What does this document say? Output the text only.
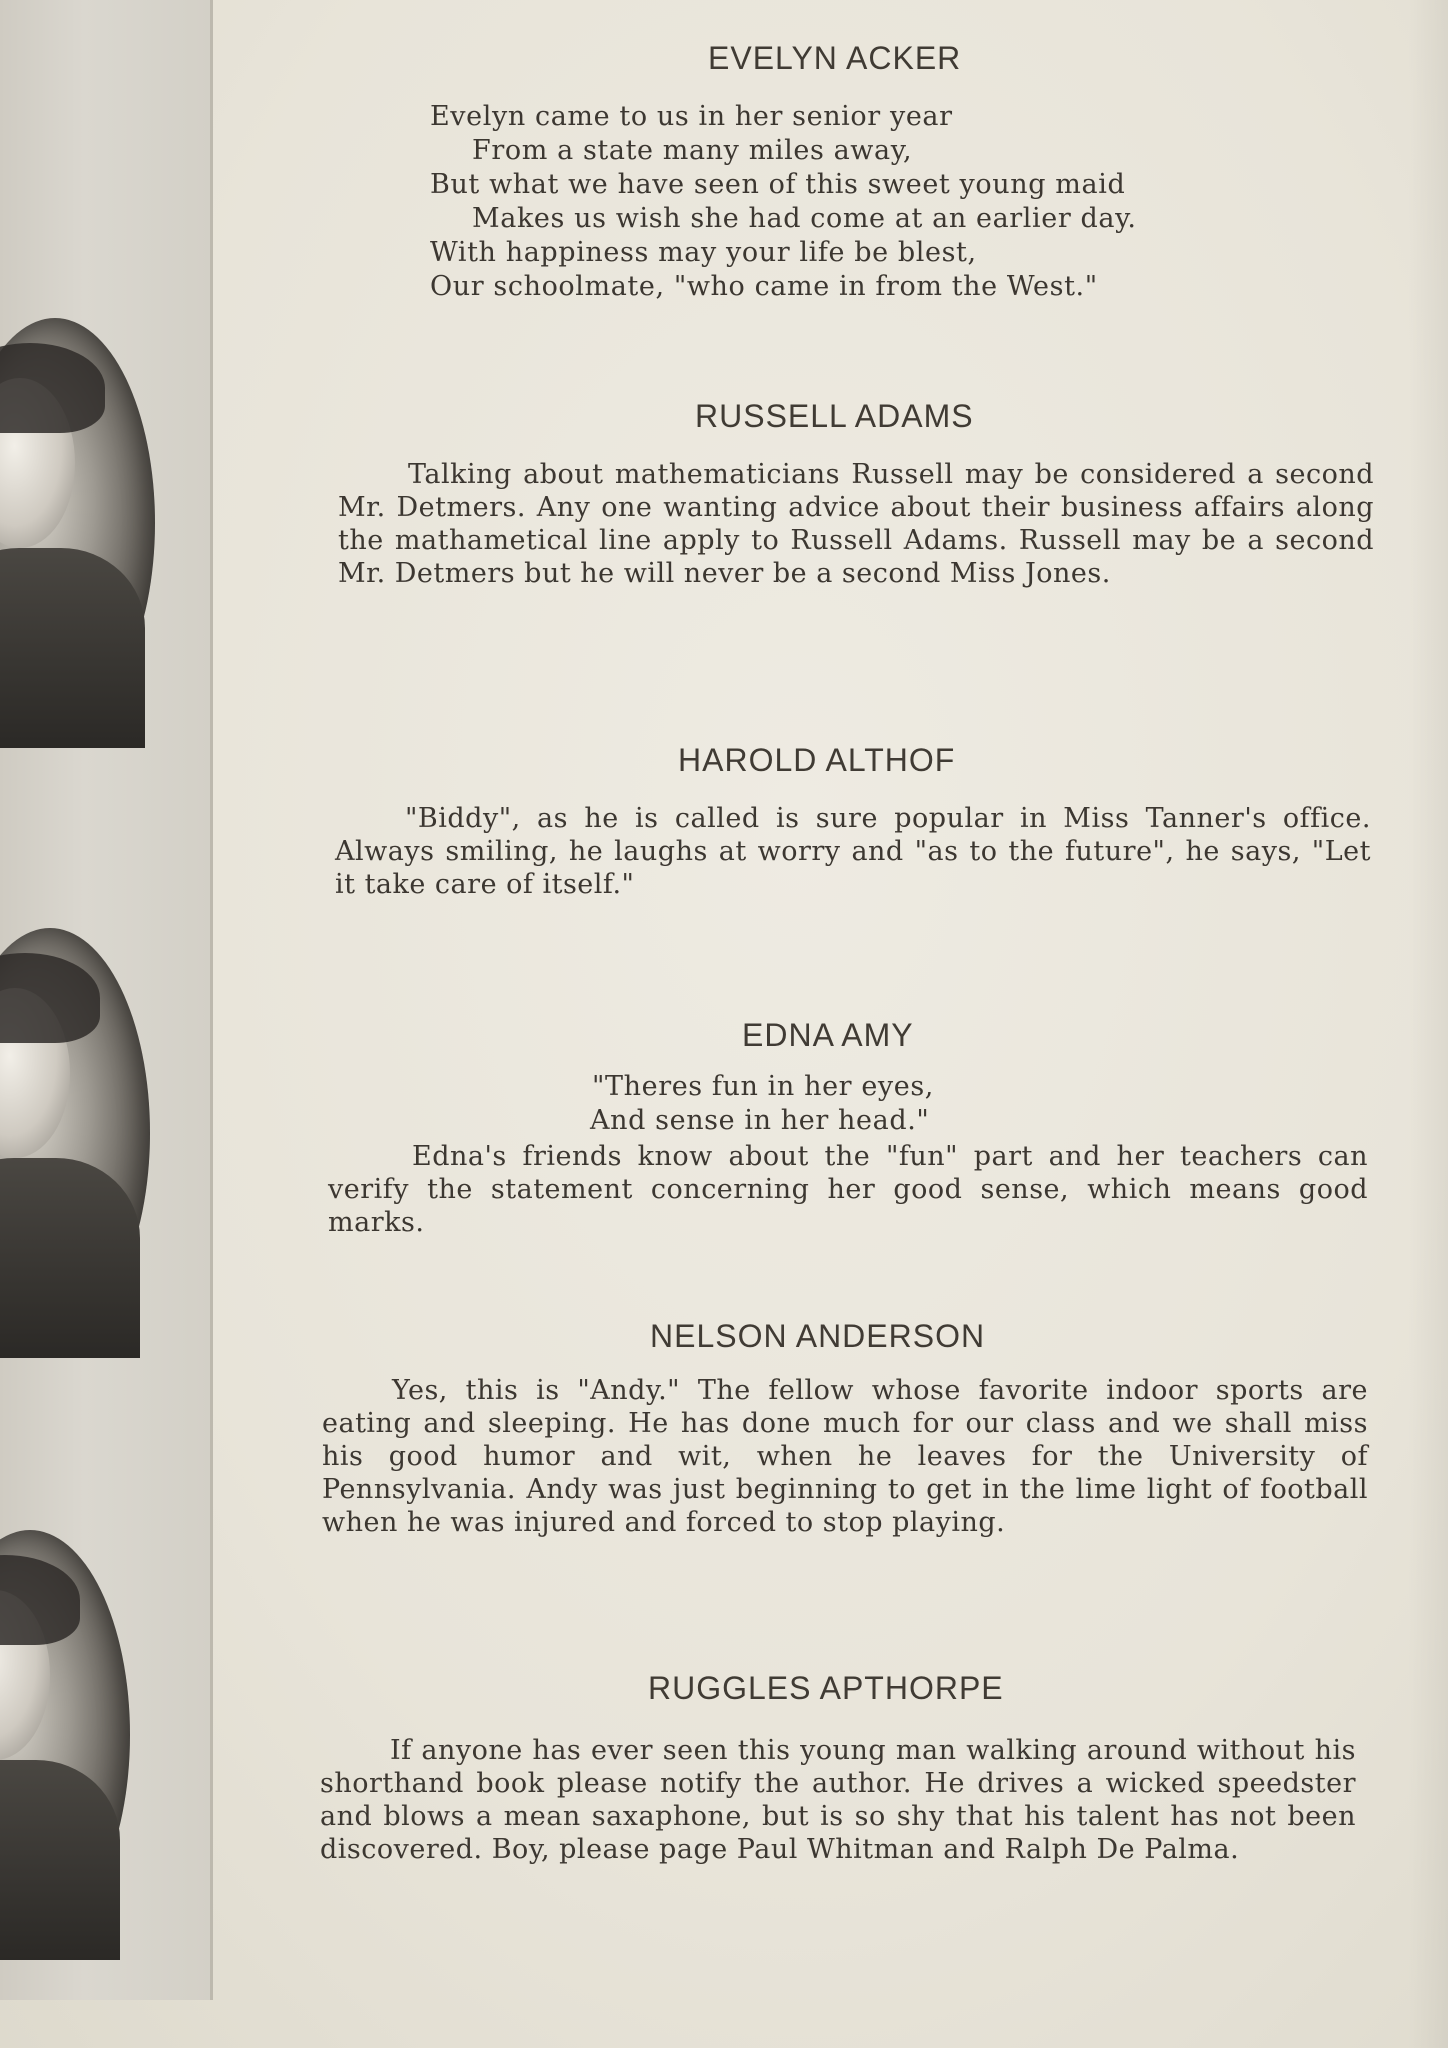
EVELYN ACKER
Evelyn came to us in her senior year
From a state many miles away,
But what we have seen of this sweet young maid
Makes us wish she had come at an earlier day.
With happiness may your life be blest,
Our schoolmate, "who came in from the West."
RUSSELL ADAMS

Talking about mathematicians Russell may be considered a second Mr. Detmers. Any one wanting advice about their business affairs along the mathametical line apply to Russell Adams. Russell may be a second Mr. Detmers but he will never be a second Miss Jones.

HAROLD ALTHOF

"Biddy", as he is called is sure popular in Miss Tanner's office. Always smiling, he laughs at worry and "as to the future", he says, "Let it take care of itself."

EDNA AMY
"Theres fun in her eyes,
And sense in her head."

Edna's friends know about the "fun" part and her teachers can verify the statement concerning her good sense, which means good marks.

NELSON ANDERSON

Yes, this is "Andy." The fellow whose favorite indoor sports are eating and sleeping. He has done much for our class and we shall miss his good humor and wit, when he leaves for the University of Pennsylvania. Andy was just beginning to get in the lime light of football when he was injured and forced to stop playing.

RUGGLES APTHORPE

If anyone has ever seen this young man walking around without his shorthand book please notify the author. He drives a wicked speedster and blows a mean saxaphone, but is so shy that his talent has not been discovered. Boy, please page Paul Whitman and Ralph De Palma.
